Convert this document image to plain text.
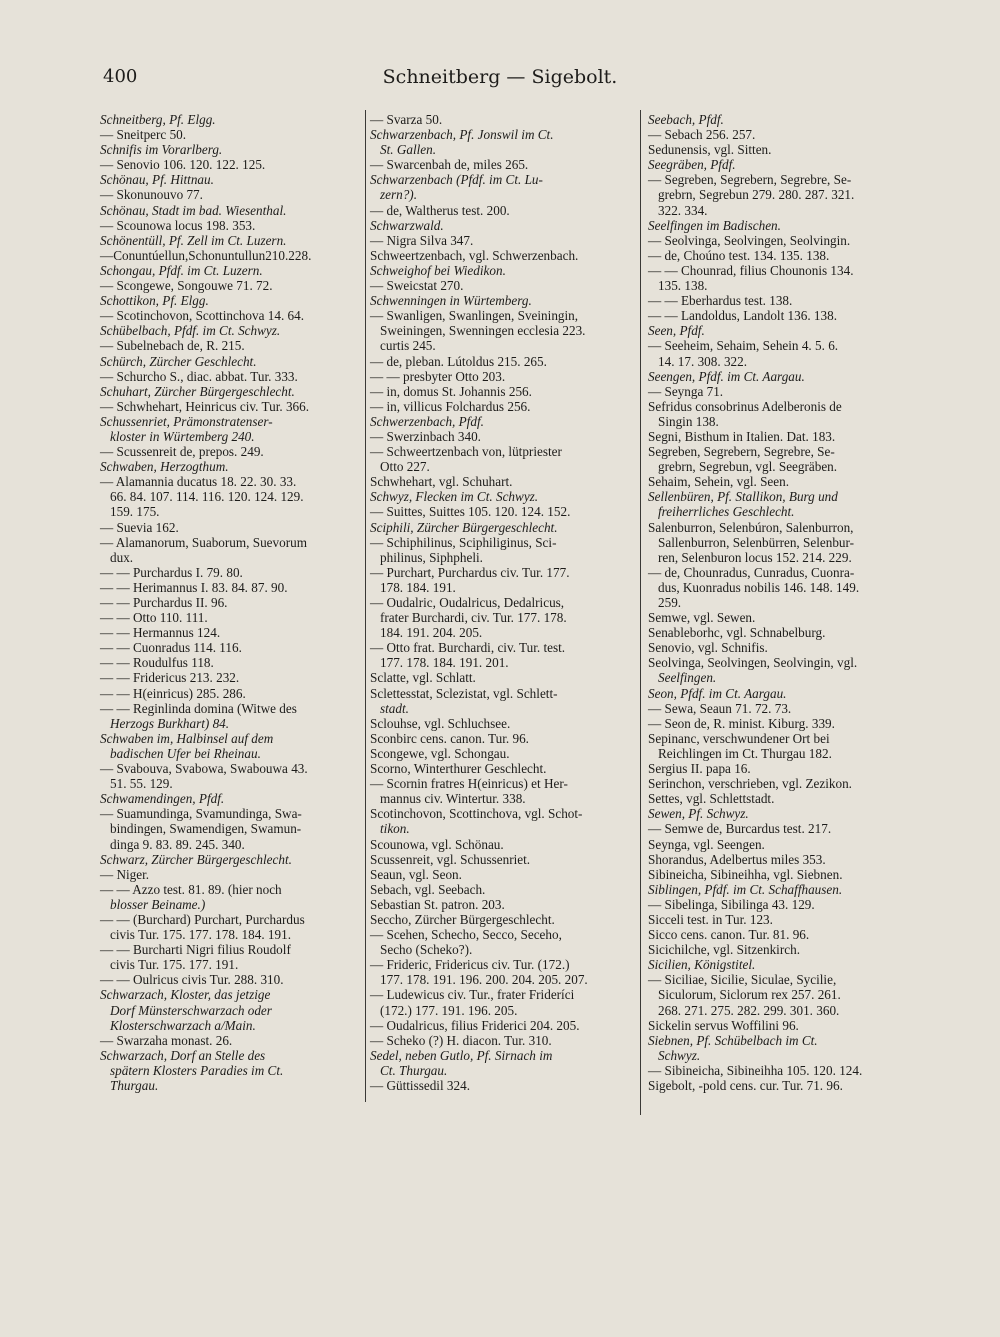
400	Schneitberg — Sigebolt.

Schneitberg, Pf. Elgg.

— Sneitperc 50.

Schnifis im Vorarlberg.

— Senovio 106. 120. 122. 125.

Schönau, Pf. Hittnau.

— Skonunouvo 77.

Schönau, Stadt im bad. Wiesenthal.

— Scounowa locus 198. 353.

Schönentüll, Pf. Zell im Ct. Luzern.

—Conuntúellun,Schonuntullun210.228.

Schongau, Pfdf. im Ct. Luzern.

— Scongewe, Songouwe 71. 72.

Schottikon, Pf. Elgg.

— Scotinchovon, Scottinchova 14. 64.

Schübelbach, Pfdf. im Ct. Schwyz.

— Subelnebach de, R. 215.

Schürch, Zürcher Geschlecht.

— Schurcho S., diac. abbat. Tur. 333.

Schuhart, Zürcher Bürgergeschlecht.

— Schwhehart, Heinricus civ. Tur. 366.

Schussenriet, Prämonstratenser-

kloster in Würtemberg 240.

— Scussenreit de, prepos. 249.

Schwaben, Herzogthum.

— Alamannia ducatus 18. 22. 30. 33.

66. 84. 107. 114. 116. 120. 124. 129.

159. 175.

— Suevia 162.

— Alamanorum, Suaborum, Suevorum

dux.

— — Purchardus I. 79. 80.

— — Herimannus I. 83. 84. 87. 90.

— — Purchardus II. 96.

— — Otto 110. 111.

— — Hermannus 124.

— — Cuonradus 114. 116.

— — Roudulfus 118.

— — Fridericus 213. 232.

— — H(einricus) 285. 286.

— — Reginlinda domina (Witwe des

Herzogs Burkhart) 84.

Schwaben im, Halbinsel auf dem

badischen Ufer bei Rheinau.

— Svabouva, Svabowa, Swabouwa 43.

51. 55. 129.

Schwamendingen, Pfdf.

— Suamundinga, Svamundinga, Swa-

bindingen, Swamendigen, Swamun-

dinga 9. 83. 89. 245. 340.

Schwarz, Zürcher Bürgergeschlecht.

— Niger.

— — Azzo test. 81. 89. (hier noch

blosser Beiname.)

— — (Burchard) Purchart, Purchardus

civis Tur. 175. 177. 178. 184. 191.

— — Burcharti Nigri filius Roudolf

civis Tur. 175. 177. 191.

— — Oulricus civis Tur. 288. 310.

Schwarzach, Kloster, das jetzige

Dorf Münsterschwarzach oder

Klosterschwarzach a/Main.

— Swarzaha monast. 26.

Schwarzach, Dorf an Stelle des

spätern Klosters Paradies im Ct.

Thurgau.

— Svarza 50.

Schwarzenbach, Pf. Jonswil im Ct.

St. Gallen.

— Swarcenbah de, miles 265.

Schwarzenbach (Pfdf. im Ct. Lu-

zern?).

— de, Waltherus test. 200.

Schwarzwald.

— Nigra Silva 347.

Schweertzenbach, vgl. Schwerzenbach.

Schweighof bei Wiedikon.

— Sweicstat 270.

Schwenningen in Würtemberg.

— Swanligen, Swanlingen, Sveiningin,

Sweiningen, Swenningen ecclesia 223.

curtis 245.

— de, pleban. Lútoldus 215. 265.

— — presbyter Otto 203.

— in, domus St. Johannis 256.

— in, villicus Folchardus 256.

Schwerzenbach, Pfdf.

— Swerzinbach 340.

— Schweertzenbach von, lütpriester

Otto 227.

Schwhehart, vgl. Schuhart.

Schwyz, Flecken im Ct. Schwyz.

— Suittes, Suittes 105. 120. 124. 152.

Sciphili, Zürcher Bürgergeschlecht.

— Schiphilinus, Sciphiliginus, Sci-

philinus, Siphpheli.

— Purchart, Purchardus civ. Tur. 177.

178. 184. 191.

— Oudalric, Oudalricus, Dedalricus,

frater Burchardi, civ. Tur. 177. 178.

184. 191. 204. 205.

— Otto frat. Burchardi, civ. Tur. test.

177. 178. 184. 191. 201.

Sclatte, vgl. Schlatt.

Sclettesstat, Sclezistat, vgl. Schlett-

stadt.

Sclouhse, vgl. Schluchsee.

Sconbirc cens. canon. Tur. 96.

Scongewe, vgl. Schongau.

Scorno, Winterthurer Geschlecht.

— Scornin fratres H(einricus) et Her-

mannus civ. Wintertur. 338.

Scotinchovon, Scottinchova, vgl. Schot-

tikon.

Scounowa, vgl. Schönau.

Scussenreit, vgl. Schussenriet.

Seaun, vgl. Seon.

Sebach, vgl. Seebach.

Sebastian St. patron. 203.

Seccho, Zürcher Bürgergeschlecht.

— Scehen, Schecho, Secco, Seceho,

Secho (Scheko?).

— Frideric, Fridericus civ. Tur. (172.)

177. 178. 191. 196. 200. 204. 205. 207.

— Ludewicus civ. Tur., frater Frideríci

(172.) 177. 191. 196. 205.

— Oudalricus, filius Friderici 204. 205.

— Scheko (?) H. diacon. Tur. 310.

Sedel, neben Gutlo, Pf. Sirnach im

Ct. Thurgau.

— Güttissedil 324.

Seebach, Pfdf.

— Sebach 256. 257.

Sedunensis, vgl. Sitten.

Seegräben, Pfdf.

— Segreben, Segrebern, Segrebre, Se-

grebrn, Segrebun 279. 280. 287. 321.

322. 334.

Seelfingen im Badischen.

— Seolvinga, Seolvingen, Seolvingin.

— de, Choúno test. 134. 135. 138.

— — Chounrad, filius Chounonis 134.

135. 138.

— — Eberhardus test. 138.

— — Landoldus, Landolt 136. 138.

Seen, Pfdf.

— Seeheim, Sehaim, Sehein 4. 5. 6.

14. 17. 308. 322.

Seengen, Pfdf. im Ct. Aargau.

— Seynga 71.

Sefridus consobrinus Adelberonis de

Singin 138.

Segni, Bisthum in Italien. Dat. 183.

Segreben, Segrebern, Segrebre, Se-

grebrn, Segrebun, vgl. Seegräben.

Sehaim, Sehein, vgl. Seen.

Sellenbüren, Pf. Stallikon, Burg und

freiherrliches Geschlecht.

Salenburron, Selenbúron, Salenburron,

Sallenburron, Selenbürren, Selenbur-

ren, Selenburon locus 152. 214. 229.

— de, Chounradus, Cunradus, Cuonra-

dus, Kuonradus nobilis 146. 148. 149.

259.

Semwe, vgl. Sewen.

Senableborhc, vgl. Schnabelburg.

Senovio, vgl. Schnifis.

Seolvinga, Seolvingen, Seolvingin, vgl.

Seelfingen.

Seon, Pfdf. im Ct. Aargau.

— Sewa, Seaun 71. 72. 73.

— Seon de, R. minist. Kiburg. 339.

Sepinanc, verschwundener Ort bei

Reichlingen im Ct. Thurgau 182.

Sergius II. papa 16.

Serinchon, verschrieben, vgl. Zezikon.

Settes, vgl. Schlettstadt.

Sewen, Pf. Schwyz.

— Semwe de, Burcardus test. 217.

Seynga, vgl. Seengen.

Shorandus, Adelbertus miles 353.

Sibineicha, Sibineihha, vgl. Siebnen.

Siblingen, Pfdf. im Ct. Schaffhausen.

— Sibelinga, Sibilinga 43. 129.

Sicceli test. in Tur. 123.

Sicco cens. canon. Tur. 81. 96.

Sicichilche, vgl. Sitzenkirch.

Sicilien, Königstitel.

— Siciliae, Sicilie, Siculae, Sycilie,

Siculorum, Siclorum rex 257. 261.

268. 271. 275. 282. 299. 301. 360.

Sickelin servus Woffilini 96.

Siebnen, Pf. Schübelbach im Ct.

Schwyz.

— Sibineicha, Sibineihha 105. 120. 124.

Sigebolt, -pold cens. cur. Tur. 71. 96.
